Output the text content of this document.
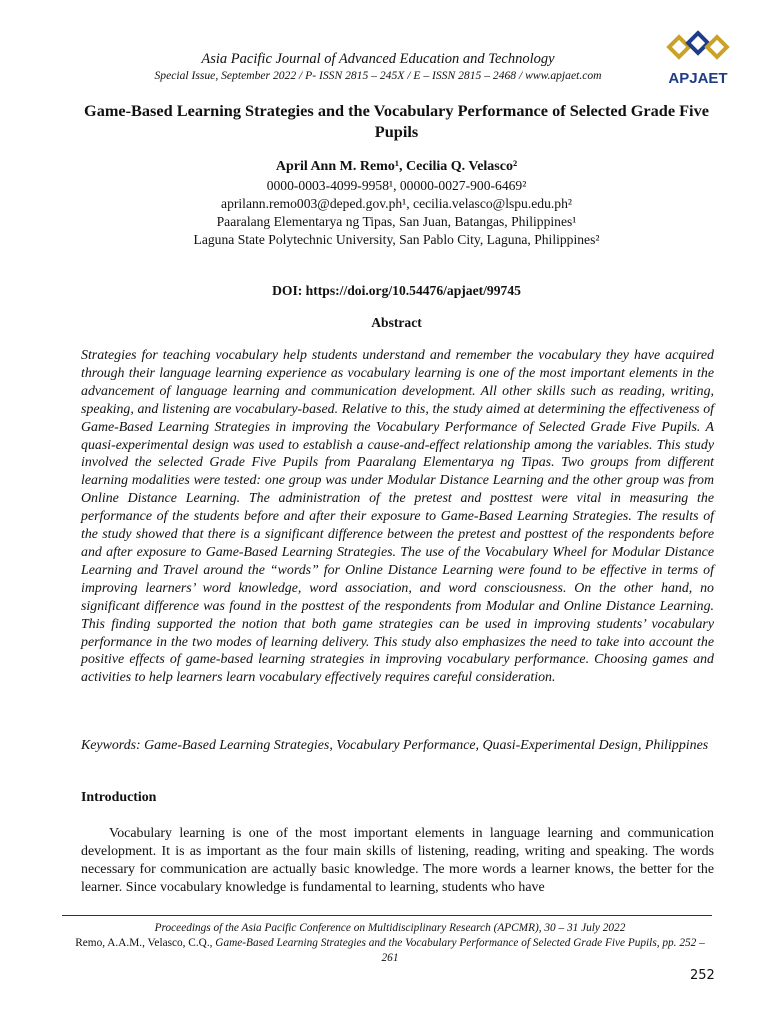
Asia Pacific Journal of Advanced Education and Technology
Special Issue, September 2022 / P- ISSN 2815 – 245X / E – ISSN 2815 – 2468 / www.apjaet.com	APJAET
Game-Based Learning Strategies and the Vocabulary Performance of Selected Grade Five Pupils
April Ann M. Remo¹, Cecilia Q. Velasco²
0000-0003-4099-9958¹, 00000-0027-900-6469²
aprilann.remo003@deped.gov.ph¹, cecilia.velasco@lspu.edu.ph²
Paaralang Elementarya ng Tipas, San Juan, Batangas, Philippines¹
Laguna State Polytechnic University, San Pablo City, Laguna, Philippines²
DOI: https://doi.org/10.54476/apjaet/99745
Abstract
Strategies for teaching vocabulary help students understand and remember the vocabulary they have acquired through their language learning experience as vocabulary learning is one of the most important elements in the advancement of language learning and communication development. All other skills such as reading, writing, speaking, and listening are vocabulary-based. Relative to this, the study aimed at determining the effectiveness of Game-Based Learning Strategies in improving the Vocabulary Performance of Selected Grade Five Pupils. A quasi-experimental design was used to establish a cause-and-effect relationship among the variables. This study involved the selected Grade Five Pupils from Paaralang Elementarya ng Tipas. Two groups from different learning modalities were tested: one group was under Modular Distance Learning and the other group was from Online Distance Learning. The administration of the pretest and posttest were vital in measuring the performance of the students before and after their exposure to Game-Based Learning Strategies. The results of the study showed that there is a significant difference between the pretest and posttest of the respondents before and after exposure to Game-Based Learning Strategies. The use of the Vocabulary Wheel for Modular Distance Learning and Travel around the “words” for Online Distance Learning were found to be effective in terms of improving learners’ word knowledge, word association, and word consciousness. On the other hand, no significant difference was found in the posttest of the respondents from Modular and Online Distance Learning. This finding supported the notion that both game strategies can be used in improving students’ vocabulary performance in the two modes of learning delivery. This study also emphasizes the need to take into account the positive effects of game-based learning strategies in improving vocabulary performance. Choosing games and activities to help learners learn vocabulary effectively requires careful consideration.
Keywords: Game-Based Learning Strategies, Vocabulary Performance, Quasi-Experimental Design, Philippines
Introduction
Vocabulary learning is one of the most important elements in language learning and communication development. It is as important as the four main skills of listening, reading, writing and speaking. The words necessary for communication are actually basic knowledge. The more words a learner knows, the better for the learner. Since vocabulary knowledge is fundamental to learning, students who have
Proceedings of the Asia Pacific Conference on Multidisciplinary Research (APCMR), 30 – 31 July 2022
Remo, A.A.M., Velasco, C.Q., Game-Based Learning Strategies and the Vocabulary Performance of Selected Grade Five Pupils, pp. 252 –261
252
